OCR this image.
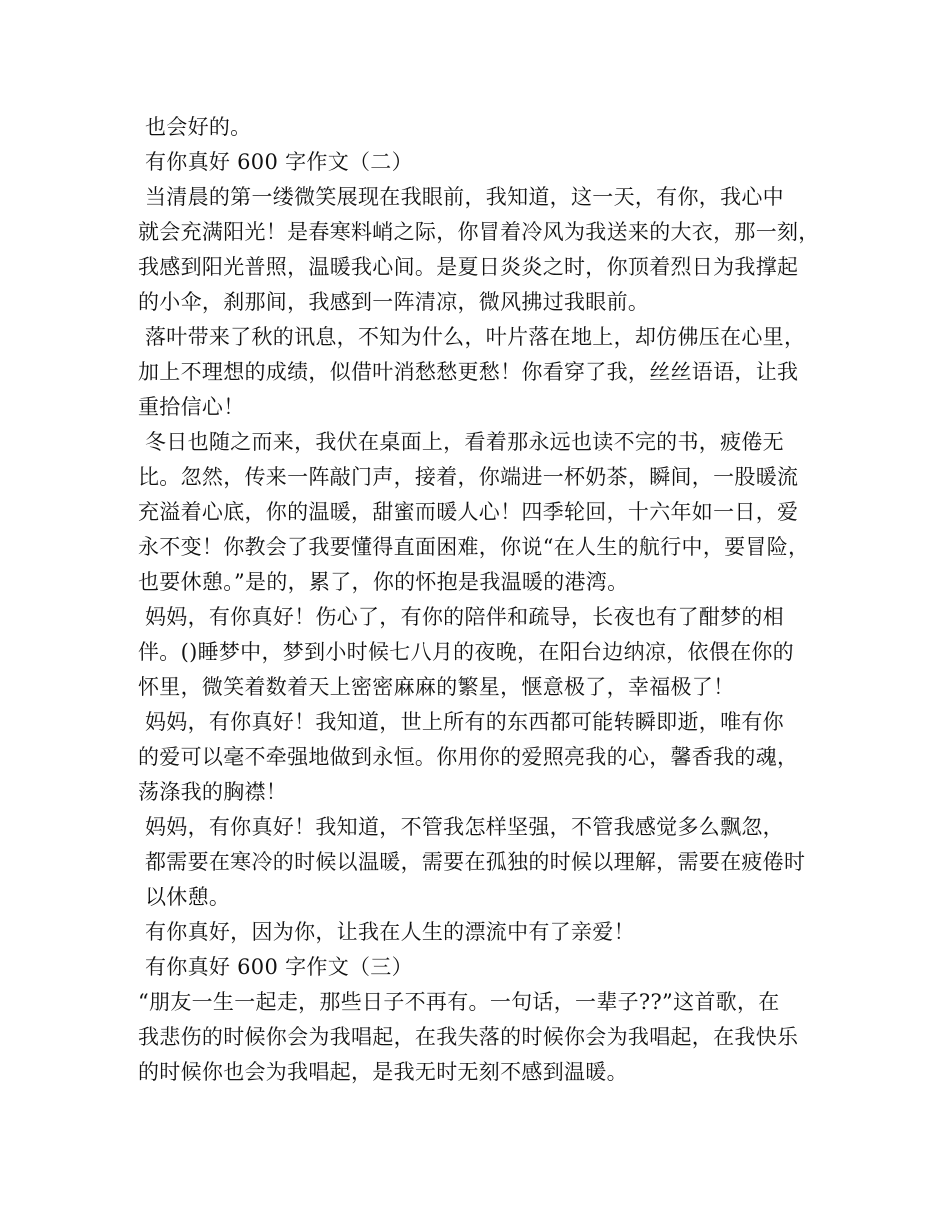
也会好的。
有你真好 600 字作文（二）
当清晨的第一缕微笑展现在我眼前，我知道，这一天，有你，我心中
就会充满阳光！是春寒料峭之际，你冒着冷风为我送来的大衣，那一刻，
我感到阳光普照，温暖我心间。是夏日炎炎之时，你顶着烈日为我撑起
的小伞，刹那间，我感到一阵清凉，微风拂过我眼前。
落叶带来了秋的讯息，不知为什么，叶片落在地上，却仿佛压在心里，
加上不理想的成绩，似借叶消愁愁更愁！你看穿了我，丝丝语语，让我
重拾信心！
冬日也随之而来，我伏在桌面上，看着那永远也读不完的书，疲倦无
比。忽然，传来一阵敲门声，接着，你端进一杯奶茶，瞬间，一股暖流
充溢着心底，你的温暖，甜蜜而暖人心！四季轮回，十六年如一日，爱
永不变！你教会了我要懂得直面困难，你说“在人生的航行中，要冒险，
也要休憩。”是的，累了，你的怀抱是我温暖的港湾。
妈妈，有你真好！伤心了，有你的陪伴和疏导，长夜也有了酣梦的相
伴。()睡梦中，梦到小时候七八月的夜晚，在阳台边纳凉，依偎在你的
怀里，微笑着数着天上密密麻麻的繁星，惬意极了，幸福极了！
妈妈，有你真好！我知道，世上所有的东西都可能转瞬即逝，唯有你
的爱可以毫不牵强地做到永恒。你用你的爱照亮我的心，馨香我的魂，
荡涤我的胸襟！
妈妈，有你真好！我知道，不管我怎样坚强，不管我感觉多么飘忽，
都需要在寒冷的时候以温暖，需要在孤独的时候以理解，需要在疲倦时
以休憩。
有你真好，因为你，让我在人生的漂流中有了亲爱！
有你真好 600 字作文（三）
“朋友一生一起走，那些日子不再有。一句话，一辈子??”这首歌，在
我悲伤的时候你会为我唱起，在我失落的时候你会为我唱起，在我快乐
的时候你也会为我唱起，是我无时无刻不感到温暖。
